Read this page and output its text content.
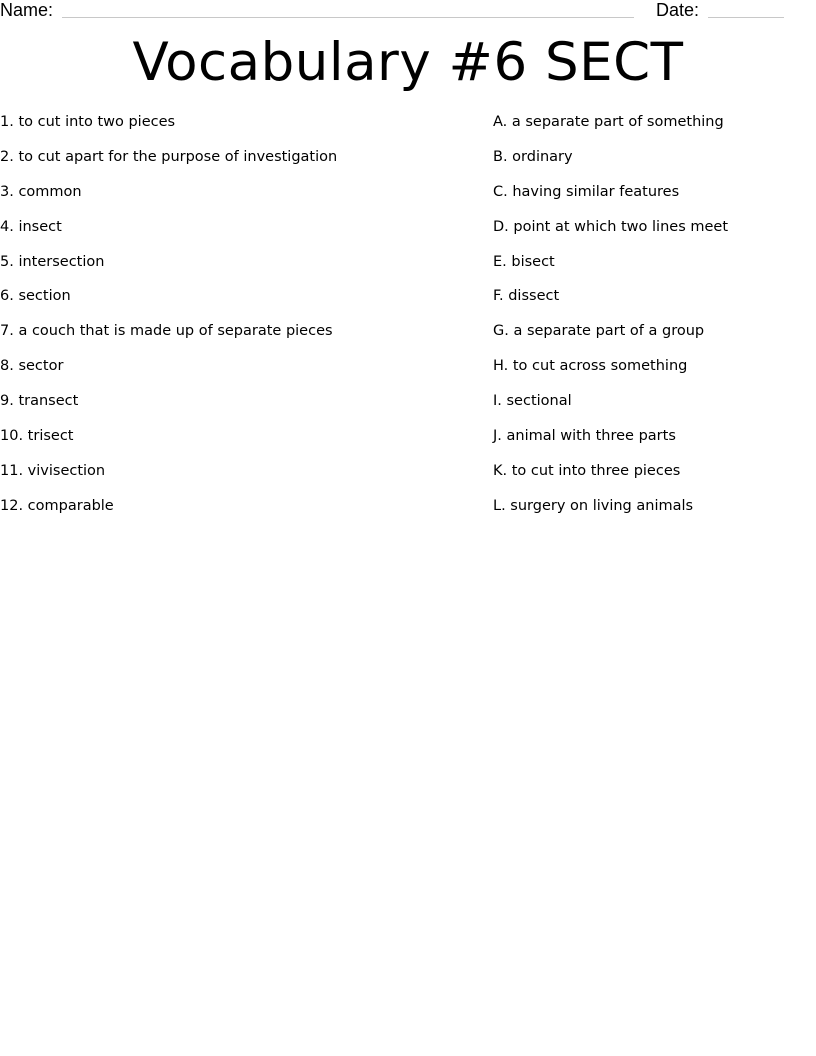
Name:	Date:
Vocabulary #6 SECT
1. to cut into two pieces
2. to cut apart for the purpose of investigation
3. common
4. insect
5. intersection
6. section
7. a couch that is made up of separate pieces
8. sector
9. transect
10. trisect
11. vivisection
12. comparable
A. a separate part of something
B. ordinary
C. having similar features
D. point at which two lines meet
E. bisect
F. dissect
G. a separate part of a group
H. to cut across something
I. sectional
J. animal with three parts
K. to cut into three pieces
L. surgery on living animals
